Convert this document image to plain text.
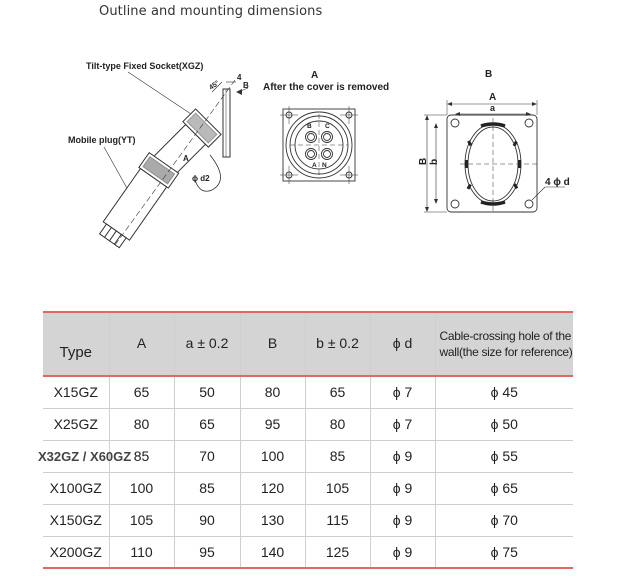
Outline and mounting dimensions
Tilt-type Fixed Socket(XGZ)
Mobile plug(YT)
4
B
45°
A
ϕ d2
A
After the cover is removed
B C
A N
B
A
a
B b
4 ϕ d
Type	A	a ± 0.2	B	b ± 0.2	ϕ d	Cable-crossing hole of the wall(the size for reference)
X15GZ	65	50	80	65	ϕ 7	ϕ 45
X25GZ	80	65	95	80	ϕ 7	ϕ 50
X32GZ / X60GZ	85	70	100	85	ϕ 9	ϕ 55
X100GZ	100	85	120	105	ϕ 9	ϕ 65
X150GZ	105	90	130	115	ϕ 9	ϕ 70
X200GZ	110	95	140	125	ϕ 9	ϕ 75
